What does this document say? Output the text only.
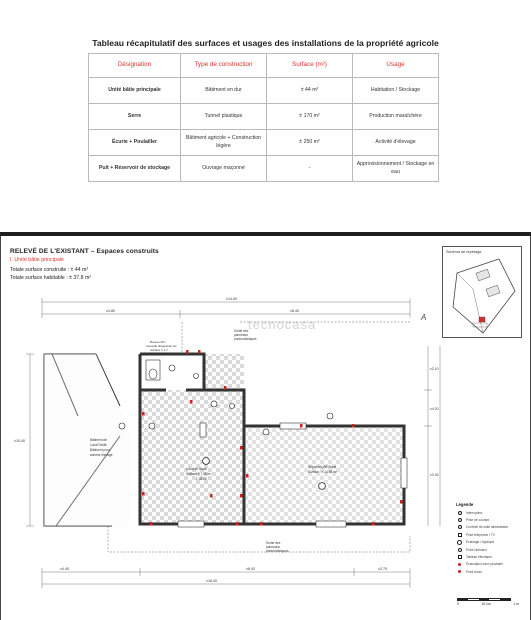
Tableau récapitulatif des surfaces et usages des installations de la propriété agricole
Désignation	Type de construction	Surface (m²)	Usage
Unité bâtie principale	Bâtiment en dur	± 44 m²	Habitation / Stockage
Serre	Tunnel plastique	± 170 m²	Production maraîchère
Écurie + Poulailler	Bâtiment agricole + Construction légère	± 250 m²	Activité d'élevage
Puit + Réservoir de stockage	Ouvrage maçonné	-	Approvisionnement / Stockage en eau
RELEVÉ DE L'EXISTANT – Espaces construits
I. Unité bâtie principale
Totale surface construite : ± 44 m²
Totale surface habitable : ± 37.8 m²
Schéma de repérage
A
tecnocasa
±14.00
±4.80	±8.40
Bâtiment de
Local Dédié
Bâtiment pour
annexe élevage
Local de Stock
Surface ± 7.06 m²
± 28.08
Séjour/Mq BE.Borat
Surface : ± 14.68 m²
Bureau WC
nouvelle disposition wc
Surface ± 1.7
Sortie des
panneaux
photovoltaïques
Sortie des
panneaux
photovoltaïques
±4.40	±8.00	±2.70
±16.00
±10.40
±2.10
±4.20
±3.30
Légende
Interrupteur
Prise de courant
Contrôle de suite alimentation
Prise téléphone / TV
Éclairage / Applique
Point lumineux
Tableau électrique
Évacuation eaux pluviales
Point d'eau
0	10 cm	1 m
